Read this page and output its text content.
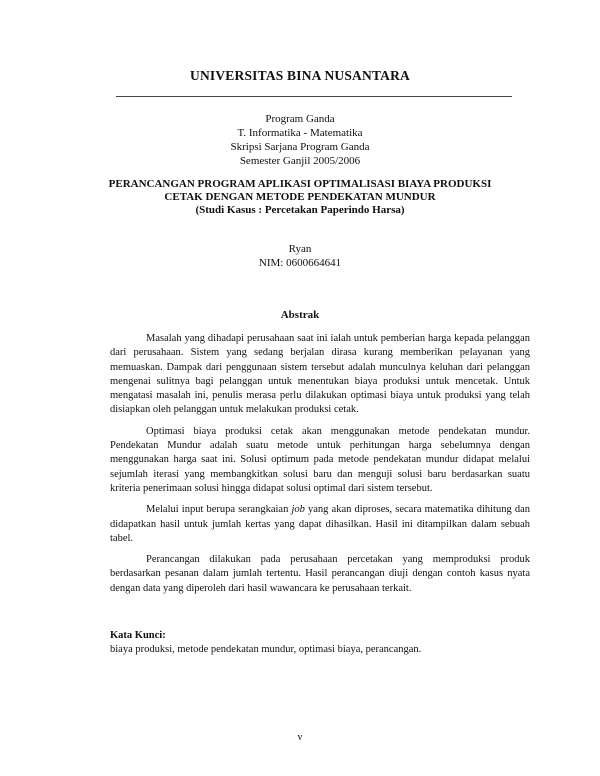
UNIVERSITAS BINA NUSANTARA
Program Ganda
T. Informatika - Matematika
Skripsi Sarjana Program Ganda
Semester Ganjil 2005/2006
PERANCANGAN PROGRAM APLIKASI OPTIMALISASI BIAYA PRODUKSI
CETAK DENGAN METODE PENDEKATAN MUNDUR
(Studi Kasus : Percetakan Paperindo Harsa)
Ryan
NIM: 0600664641
Abstrak

Masalah yang dihadapi perusahaan saat ini ialah untuk pemberian harga kepada pelanggan dari perusahaan. Sistem yang sedang berjalan dirasa kurang memberikan pelayanan yang memuaskan. Dampak dari penggunaan sistem tersebut adalah munculnya keluhan dari pelanggan mengenai sulitnya bagi pelanggan untuk menentukan biaya produksi untuk mencetak. Untuk mengatasi masalah ini, penulis merasa perlu dilakukan optimasi biaya untuk produksi yang telah disiapkan oleh pelanggan untuk melakukan produksi cetak.

Optimasi biaya produksi cetak akan menggunakan metode pendekatan mundur. Pendekatan Mundur adalah suatu metode untuk perhitungan harga sebelumnya dengan menggunakan harga saat ini. Solusi optimum pada metode pendekatan mundur didapat melalui sejumlah iterasi yang membangkitkan solusi baru dan menguji solusi baru berdasarkan suatu kriteria penerimaan solusi hingga didapat solusi optimal dari sistem tersebut.

Melalui input berupa serangkaian job yang akan diproses, secara matematika dihitung dan didapatkan hasil untuk jumlah kertas yang dapat dihasilkan. Hasil ini ditampilkan dalam sebuah tabel.

Perancangan dilakukan pada perusahaan percetakan yang memproduksi produk berdasarkan pesanan dalam jumlah tertentu. Hasil perancangan diuji dengan contoh kasus nyata dengan data yang diperoleh dari hasil wawancara ke perusahaan terkait.

Kata Kunci:
biaya produksi, metode pendekatan mundur, optimasi biaya, perancangan.
v
